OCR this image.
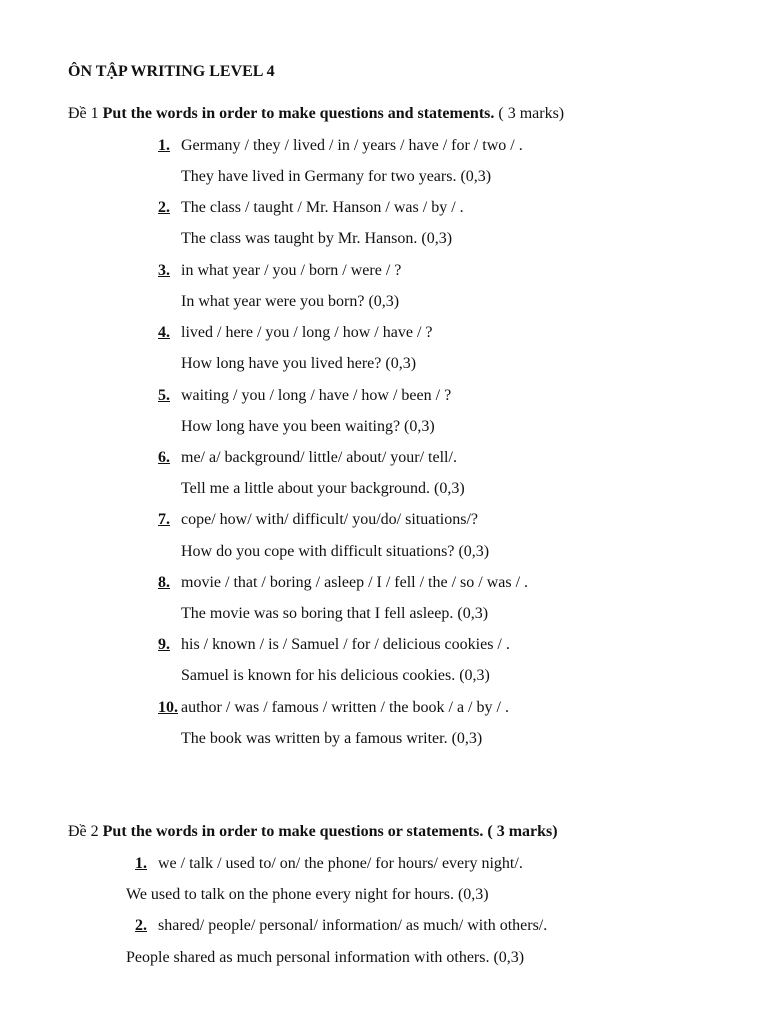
ÔN TẬP WRITING LEVEL 4
Đề 1 Put the words in order to make questions and statements. ( 3 marks)
1. Germany / they / lived / in / years / have / for / two / .
They have lived in Germany for two years. (0,3)
2. The class / taught / Mr. Hanson / was / by / .
The class was taught by Mr. Hanson. (0,3)
3. in what year / you / born / were / ?
In what year were you born? (0,3)
4. lived / here / you / long / how / have / ?
How long have you lived here? (0,3)
5. waiting / you / long / have / how / been / ?
How long have you been waiting? (0,3)
6. me/ a/ background/ little/ about/ your/ tell/.
Tell me a little about your background. (0,3)
7. cope/ how/ with/ difficult/ you/do/ situations/?
How do you cope with difficult situations? (0,3)
8. movie / that / boring / asleep / I / fell / the / so / was / .
The movie was so boring that I fell asleep. (0,3)
9. his / known / is / Samuel / for / delicious cookies / .
Samuel is known for his delicious cookies. (0,3)
10. author / was / famous / written / the book / a / by / .
The book was written by a famous writer. (0,3)
Đề 2 Put the words in order to make questions or statements. ( 3 marks)
1. we / talk / used to/ on/ the phone/ for hours/ every night/.
We used to talk on the phone every night for hours. (0,3)
2. shared/ people/ personal/ information/ as much/ with others/.
People shared as much personal information with others. (0,3)
